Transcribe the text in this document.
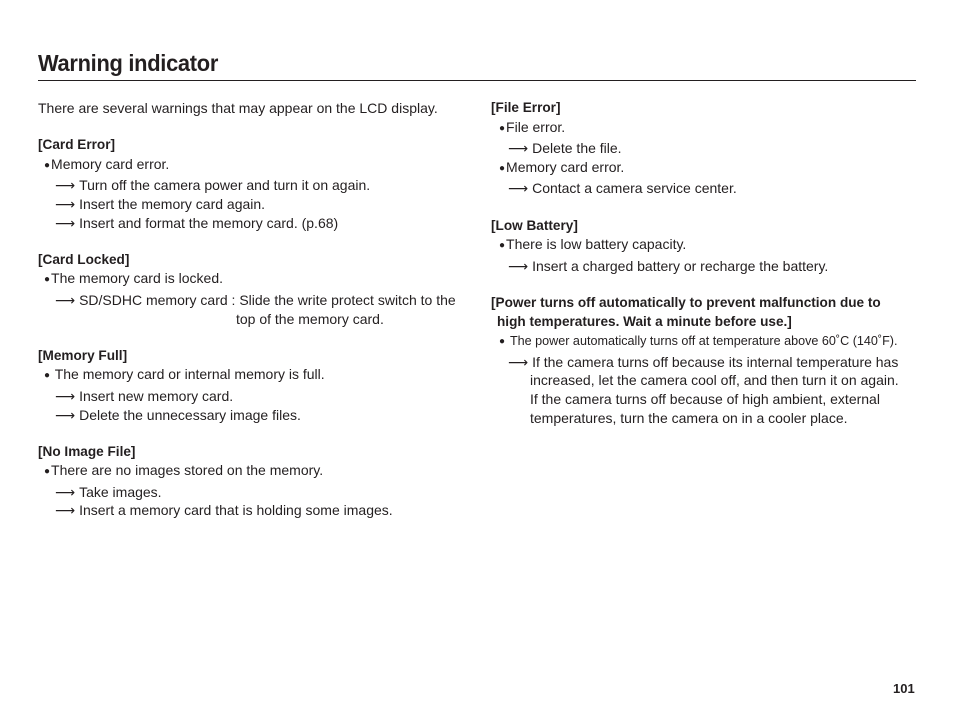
Warning indicator

There are several warnings that may appear on the LCD display.

[Card Error]
●Memory card error.
⟶ Turn off the camera power and turn it on again.
⟶ Insert the memory card again.
⟶ Insert and format the memory card. (p.68)
[Card Locked]
●The memory card is locked.
⟶ SD/SDHC memory card : Slide the write protect switch to the
top of the memory card.
[Memory Full]
● The memory card or internal memory is full.
⟶ Insert new memory card.
⟶ Delete the unnecessary image files.
[No Image File]
●There are no images stored on the memory.
⟶ Take images.
⟶ Insert a memory card that is holding some images.
[File Error]
●File error.
⟶ Delete the file.
●Memory card error.
⟶ Contact a camera service center.
[Low Battery]
●There is low battery capacity.
⟶ Insert a charged battery or recharge the battery.
[Power turns off automatically to prevent malfunction due to
high temperatures. Wait a minute before use.]
● The power automatically turns off at temperature above 60˚C (140˚F).
⟶ If the camera turns off because its internal temperature has
increased, let the camera cool off, and then turn it on again.
If the camera turns off because of high ambient, external
temperatures, turn the camera on in a cooler place.
101
